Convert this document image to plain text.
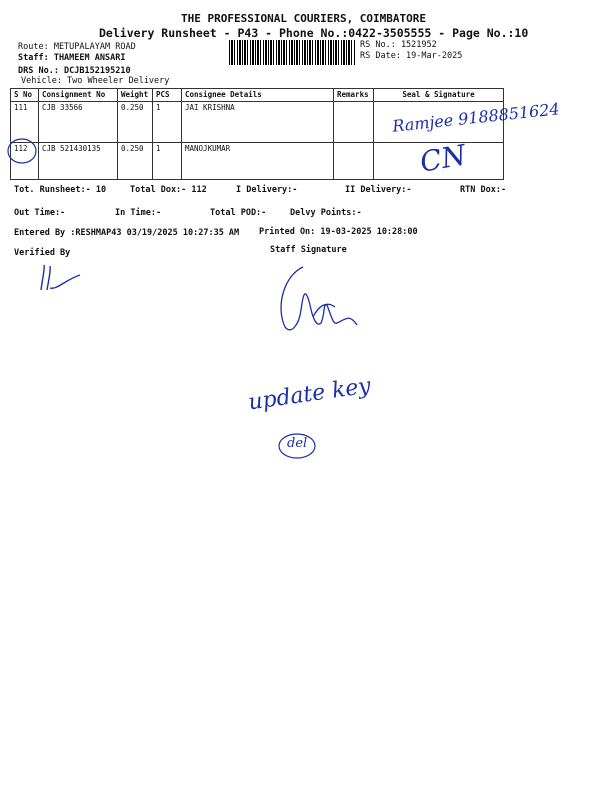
THE PROFESSIONAL COURIERS, COIMBATORE
Delivery Runsheet - P43 - Phone No.:0422-3505555 - Page No.:10
Route: METUPALAYAM ROAD
Staff: THAMEEM ANSARI
DRS No.: DCJB152195210
Vehicle: Two Wheeler Delivery
RS No.: 1521952
RS Date: 19-Mar-2025
S No	Consignment No	Weight	PCS	Consignee Details	Remarks	Seal & Signature
111	CJB 33566	0.250	1	JAI KRISHNA		
112	CJB 521430135	0.250	1	MANOJKUMAR		
Ramjee 9188851624
CN
Tot. Runsheet:- 10	Total Dox:- 112	I Delivery:-	II Delivery:-	RTN Dox:-
Out Time:-	In Time:-	Total POD:-	Delvy Points:-
Entered By :RESHMAP43 03/19/2025 10:27:35 AM Printed On: 19-03-2025 10:28:00
Verified By	Staff Signature
update key
del
